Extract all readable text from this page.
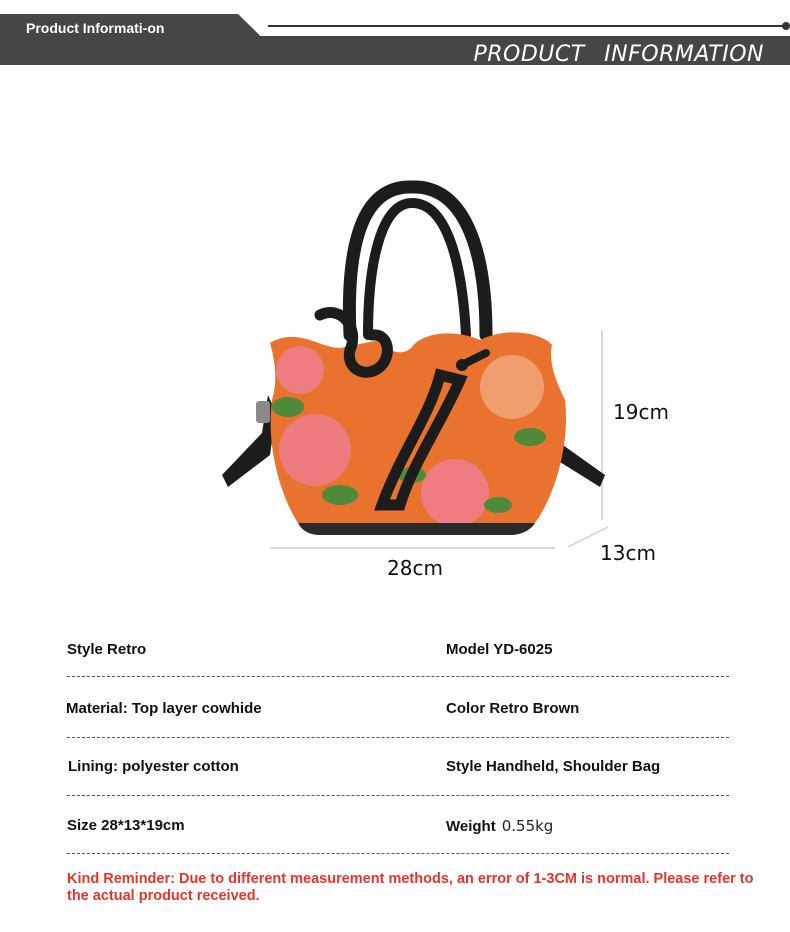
Product Informati-on
PRODUCT INFORMATION
19cm
13cm
28cm
Style Retro	Model YD-6025
Material: Top layer cowhide	Color Retro Brown
Lining: polyester cotton	Style Handheld, Shoulder Bag
Size 28*13*19cm	Weight 0.55kg
Kind Reminder: Due to different measurement methods, an error of 1-3CM is normal. Please refer to the actual product received.
